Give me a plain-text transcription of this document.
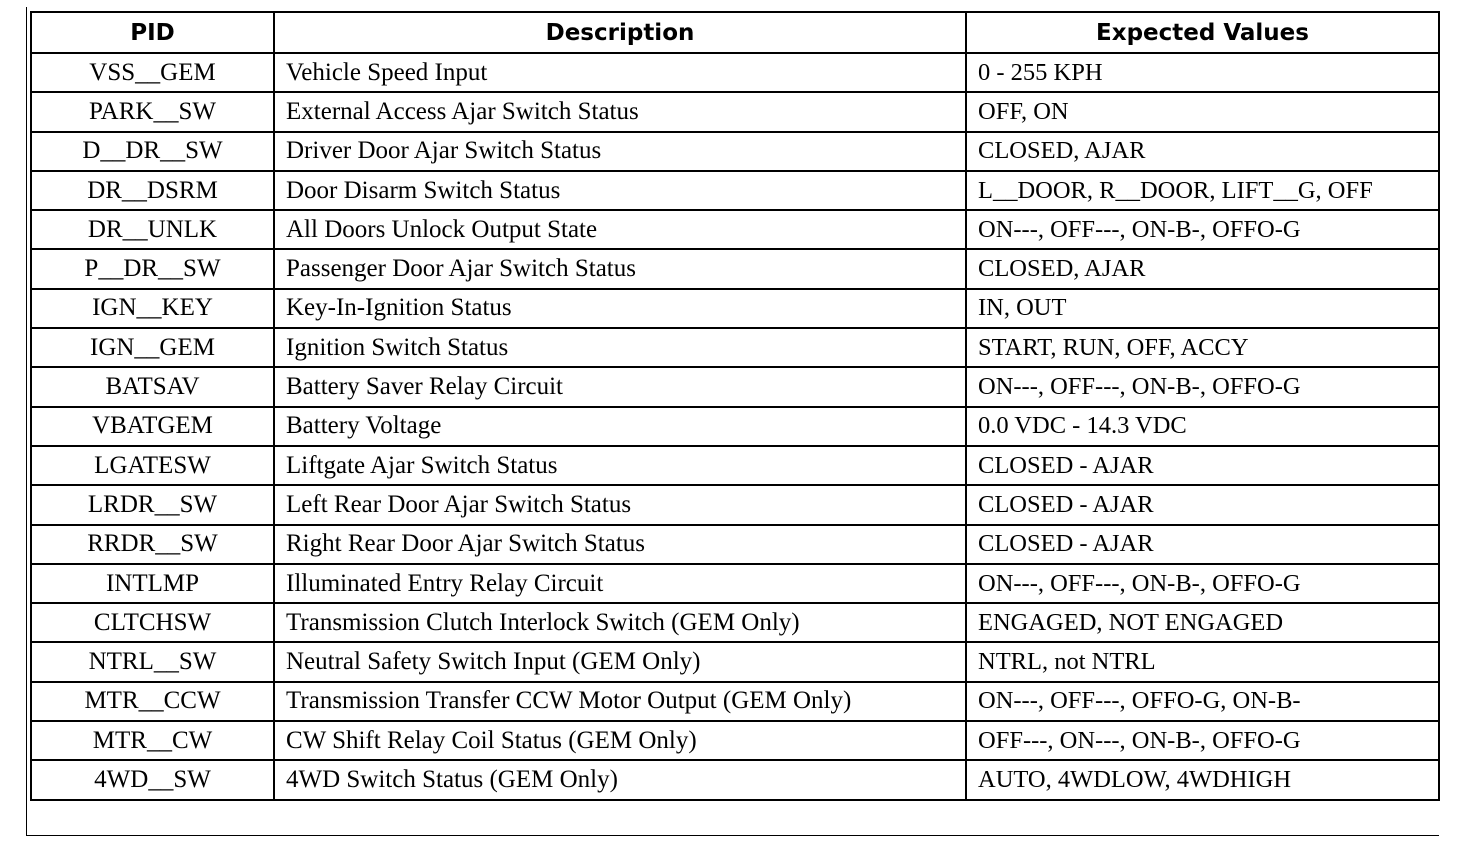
PID	Description	Expected Values
VSS__GEM	Vehicle Speed Input	0 - 255 KPH
PARK__SW	External Access Ajar Switch Status	OFF, ON
D__DR__SW	Driver Door Ajar Switch Status	CLOSED, AJAR
DR__DSRM	Door Disarm Switch Status	L__DOOR, R__DOOR, LIFT__G, OFF
DR__UNLK	All Doors Unlock Output State	ON---, OFF---, ON-B-, OFFO-G
P__DR__SW	Passenger Door Ajar Switch Status	CLOSED, AJAR
IGN__KEY	Key-In-Ignition Status	IN, OUT
IGN__GEM	Ignition Switch Status	START, RUN, OFF, ACCY
BATSAV	Battery Saver Relay Circuit	ON---, OFF---, ON-B-, OFFO-G
VBATGEM	Battery Voltage	0.0 VDC - 14.3 VDC
LGATESW	Liftgate Ajar Switch Status	CLOSED - AJAR
LRDR__SW	Left Rear Door Ajar Switch Status	CLOSED - AJAR
RRDR__SW	Right Rear Door Ajar Switch Status	CLOSED - AJAR
INTLMP	Illuminated Entry Relay Circuit	ON---, OFF---, ON-B-, OFFO-G
CLTCHSW	Transmission Clutch Interlock Switch (GEM Only)	ENGAGED, NOT ENGAGED
NTRL__SW	Neutral Safety Switch Input (GEM Only)	NTRL, not NTRL
MTR__CCW	Transmission Transfer CCW Motor Output (GEM Only)	ON---, OFF---, OFFO-G, ON-B-
MTR__CW	CW Shift Relay Coil Status (GEM Only)	OFF---, ON---, ON-B-, OFFO-G
4WD__SW	4WD Switch Status (GEM Only)	AUTO, 4WDLOW, 4WDHIGH
